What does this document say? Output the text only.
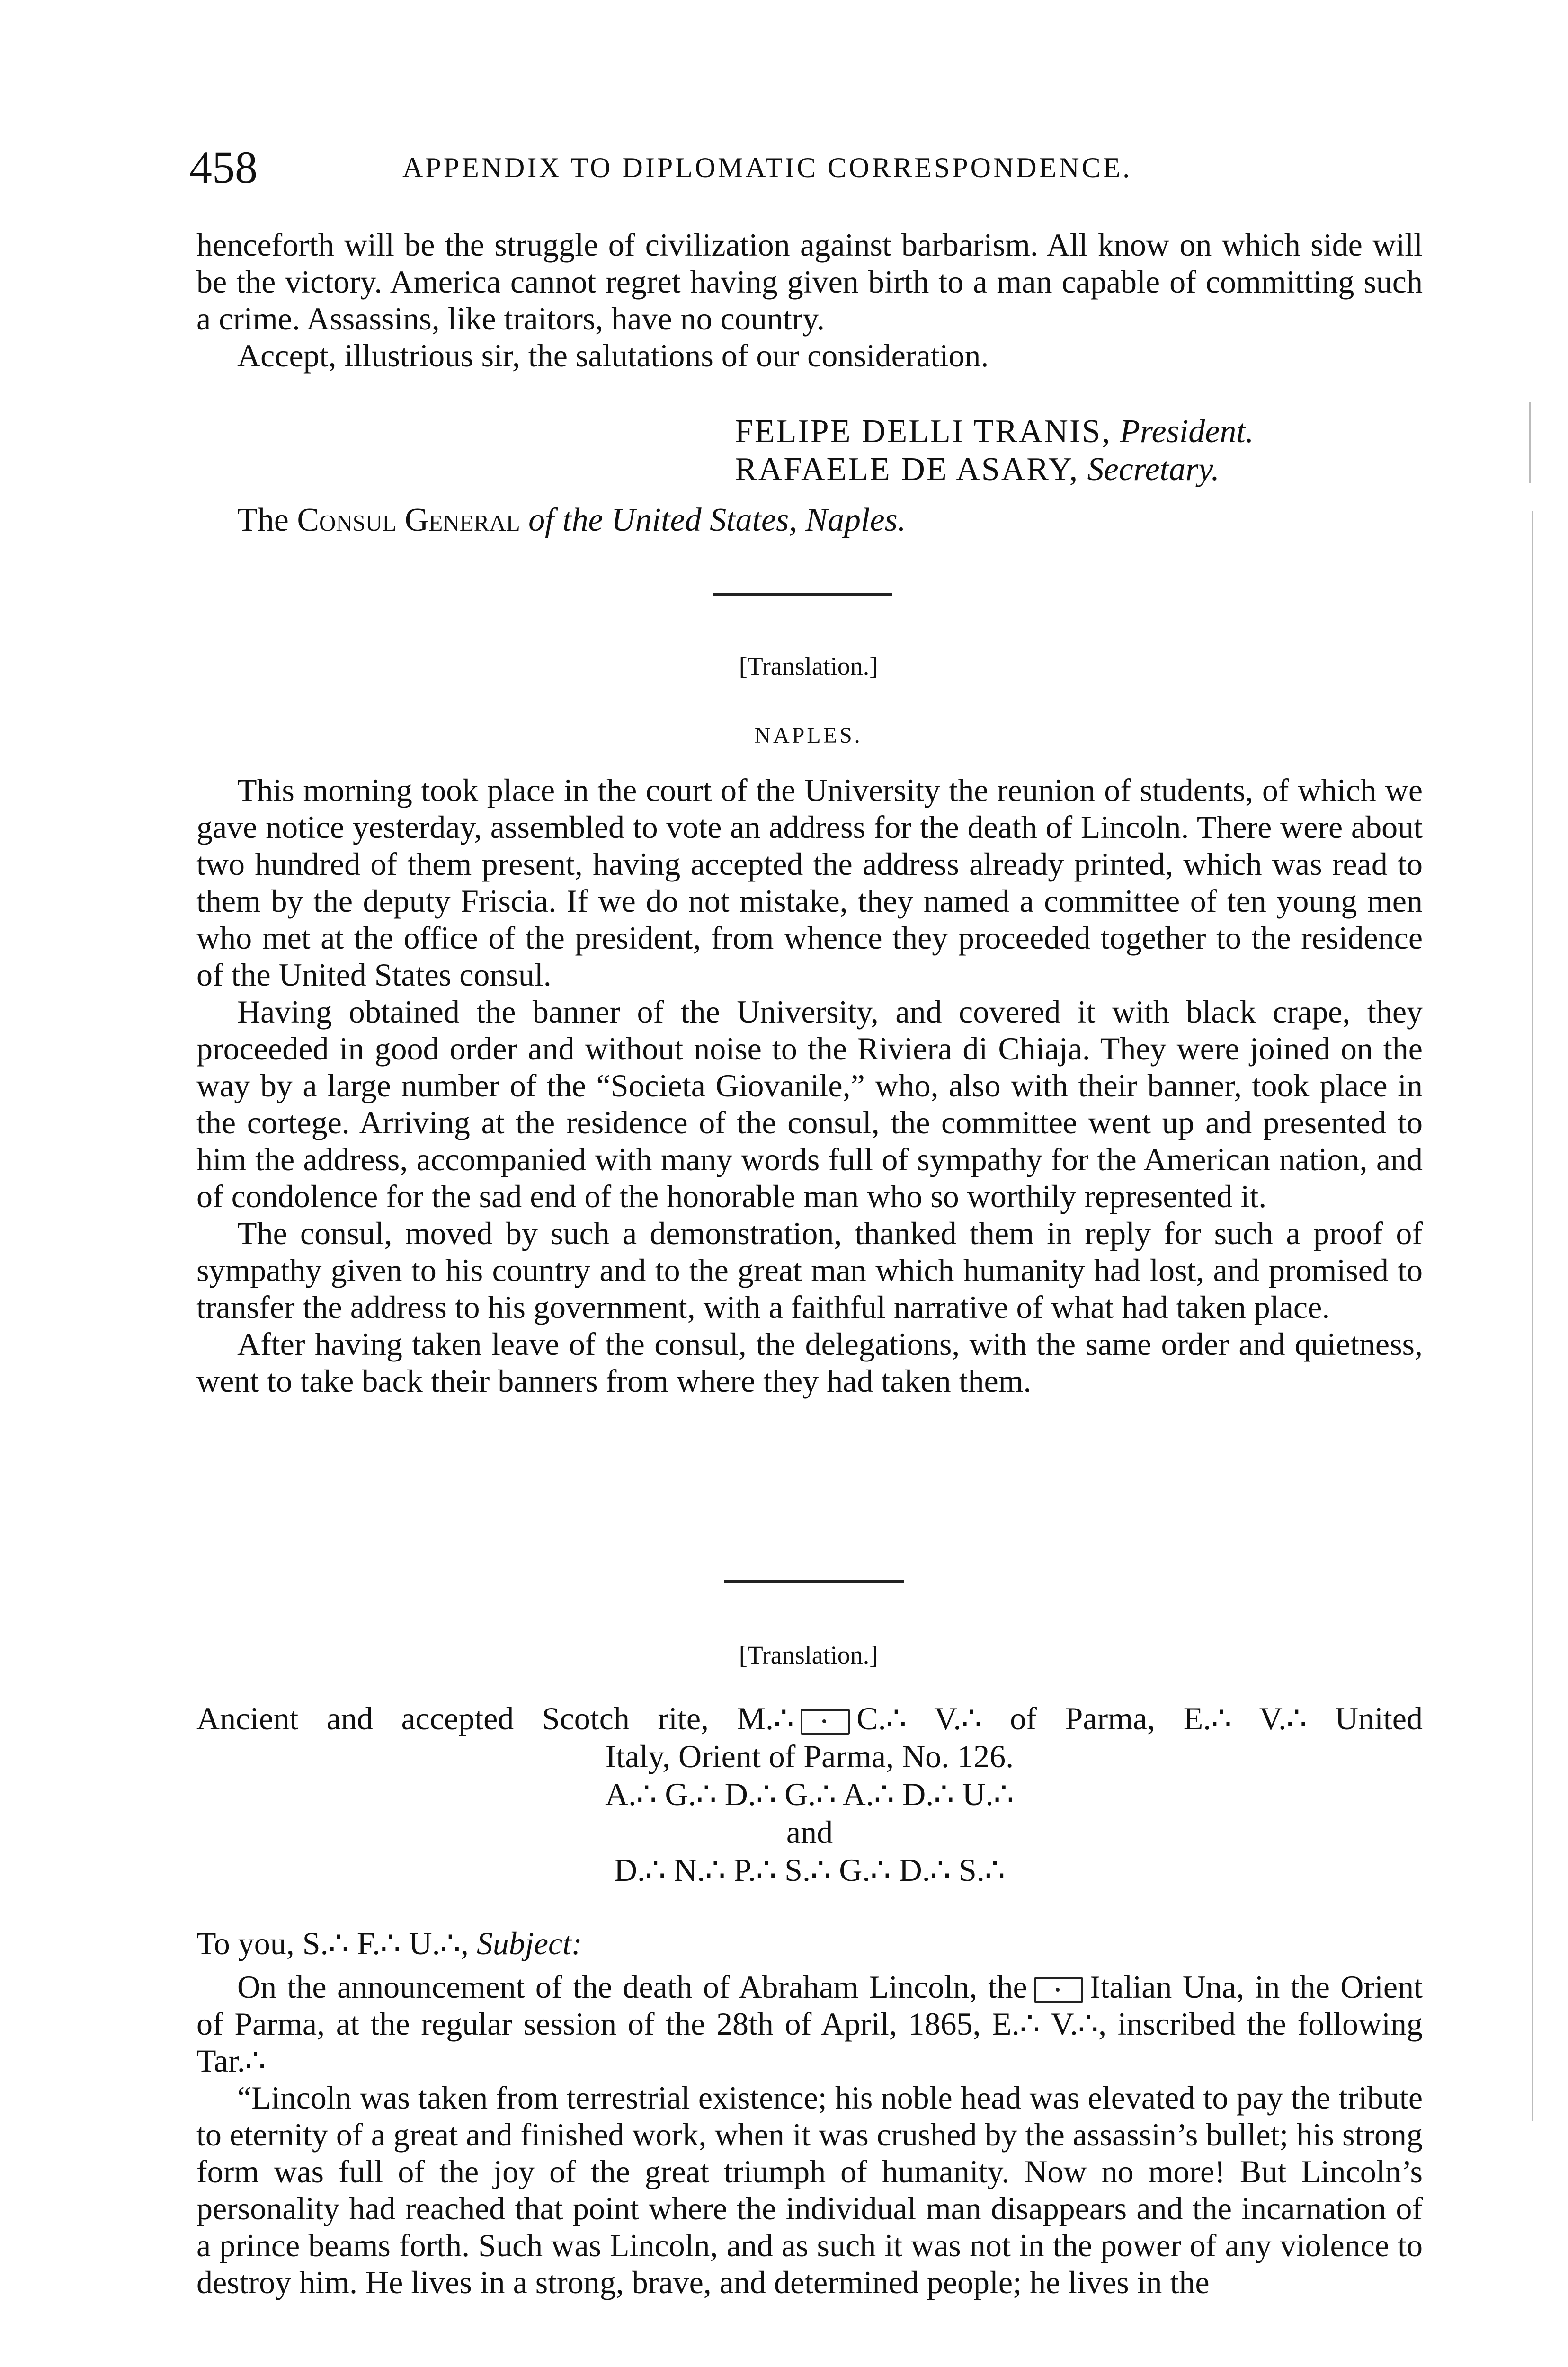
458	APPENDIX TO DIPLOMATIC CORRESPONDENCE.

henceforth will be the struggle of civilization against barbarism. All know on which side will be the victory. America cannot regret having given birth to a man capable of committing such a crime. Assassins, like traitors, have no country.

Accept, illustrious sir, the salutations of our consideration.

FELIPE DELLI TRANIS, President.
RAFAELE DE ASARY, Secretary.

The Consul General of the United States, Naples.

[Translation.]
NAPLES.

This morning took place in the court of the University the reunion of students, of which we gave notice yesterday, assembled to vote an address for the death of Lincoln. There were about two hundred of them present, having accepted the address already printed, which was read to them by the deputy Friscia. If we do not mistake, they named a committee of ten young men who met at the office of the president, from whence they proceeded together to the residence of the United States consul.

Having obtained the banner of the University, and covered it with black crape, they proceeded in good order and without noise to the Riviera di Chiaja. They were joined on the way by a large number of the “Societa Giovanile,” who, also with their banner, took place in the cortege. Arriving at the residence of the consul, the committee went up and presented to him the address, accompanied with many words full of sympathy for the American nation, and of condolence for the sad end of the honorable man who so worthily represented it.

The consul, moved by such a demonstration, thanked them in reply for such a proof of sympathy given to his country and to the great man which humanity had lost, and promised to transfer the address to his government, with a faithful narrative of what had taken place.

After having taken leave of the consul, the delegations, with the same order and quietness, went to take back their banners from where they had taken them.

[Translation.]
Ancient and accepted Scotch rite, M.∴ C.∴ V.∴ of Parma, E.∴ V.∴ United
Italy, Orient of Parma, No. 126.
A.∴ G.∴ D.∴ G.∴ A.∴ D.∴ U.∴
and
D.∴ N.∴ P.∴ S.∴ G.∴ D.∴ S.∴

To you, S.∴ F.∴ U.∴, Subject:

On the announcement of the death of Abraham Lincoln, the Italian Una, in the Orient of Parma, at the regular session of the 28th of April, 1865, E.∴ V.∴, inscribed the following Tar.∴

“Lincoln was taken from terrestrial existence; his noble head was elevated to pay the tribute to eternity of a great and finished work, when it was crushed by the assassin’s bullet; his strong form was full of the joy of the great triumph of humanity. Now no more! But Lincoln’s personality had reached that point where the individual man disappears and the incarnation of a prince beams forth. Such was Lincoln, and as such it was not in the power of any violence to destroy him. He lives in a strong, brave, and determined people; he lives in the
